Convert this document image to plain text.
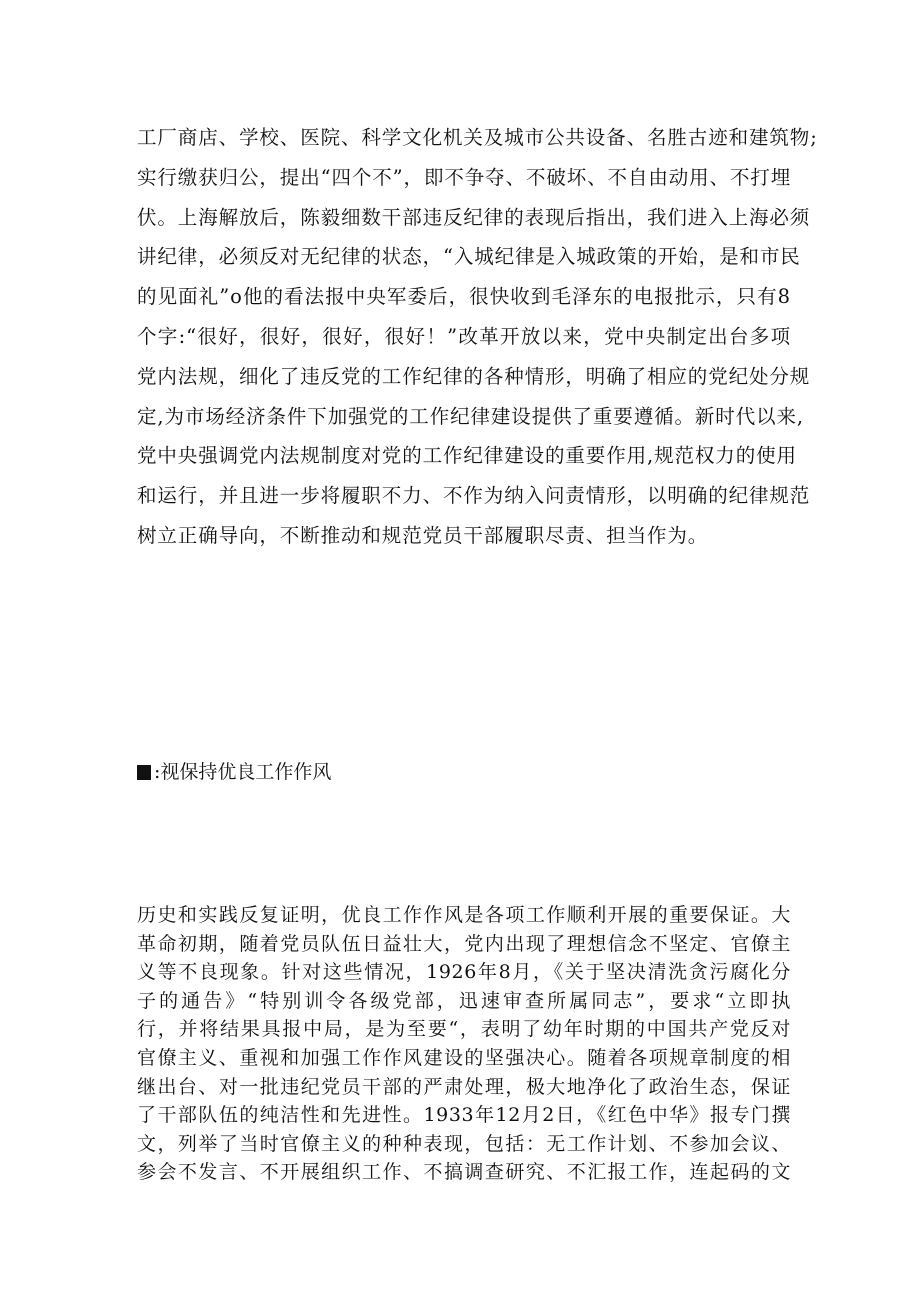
工厂商店、学校、医院、科学文化机关及城市公共设备、名胜古迹和建筑物;
实行缴获归公，提出“四个不”，即不争夺、不破坏、不自由动用、不打埋
伏。上海解放后，陈毅细数干部违反纪律的表现后指出，我们进入上海必须
讲纪律，必须反对无纪律的状态，“入城纪律是入城政策的开始，是和市民
的见面礼”o他的看法报中央军委后，很快收到毛泽东的电报批示，只有8
个字:“很好，很好，很好，很好！”改革开放以来，党中央制定出台多项
党内法规，细化了违反党的工作纪律的各种情形，明确了相应的党纪处分规
定,为市场经济条件下加强党的工作纪律建设提供了重要遵循。新时代以来,
党中央强调党内法规制度对党的工作纪律建设的重要作用,规范权力的使用
和运行，并且进一步将履职不力、不作为纳入问责情形，以明确的纪律规范
树立正确导向，不断推动和规范党员干部履职尽责、担当作为。
:视保持优良工作作风
历史和实践反复证明，优良工作作风是各项工作顺利开展的重要保证。大
革命初期，随着党员队伍日益壮大，党内出现了理想信念不坚定、官僚主
义等不良现象。针对这些情况，1926年8月，《关于坚决清洗贪污腐化分
子的通告》“特别训令各级党部，迅速审查所属同志”，要求“立即执
行，并将结果具报中局，是为至要“，表明了幼年时期的中国共产党反对
官僚主义、重视和加强工作作风建设的坚强决心。随着各项规章制度的相
继出台、对一批违纪党员干部的严肃处理，极大地净化了政治生态，保证
了干部队伍的纯洁性和先进性。1933年12月2日，《红色中华》报专门撰
文，列举了当时官僚主义的种种表现，包括：无工作计划、不参加会议、
参会不发言、不开展组织工作、不搞调查研究、不汇报工作，连起码的文
